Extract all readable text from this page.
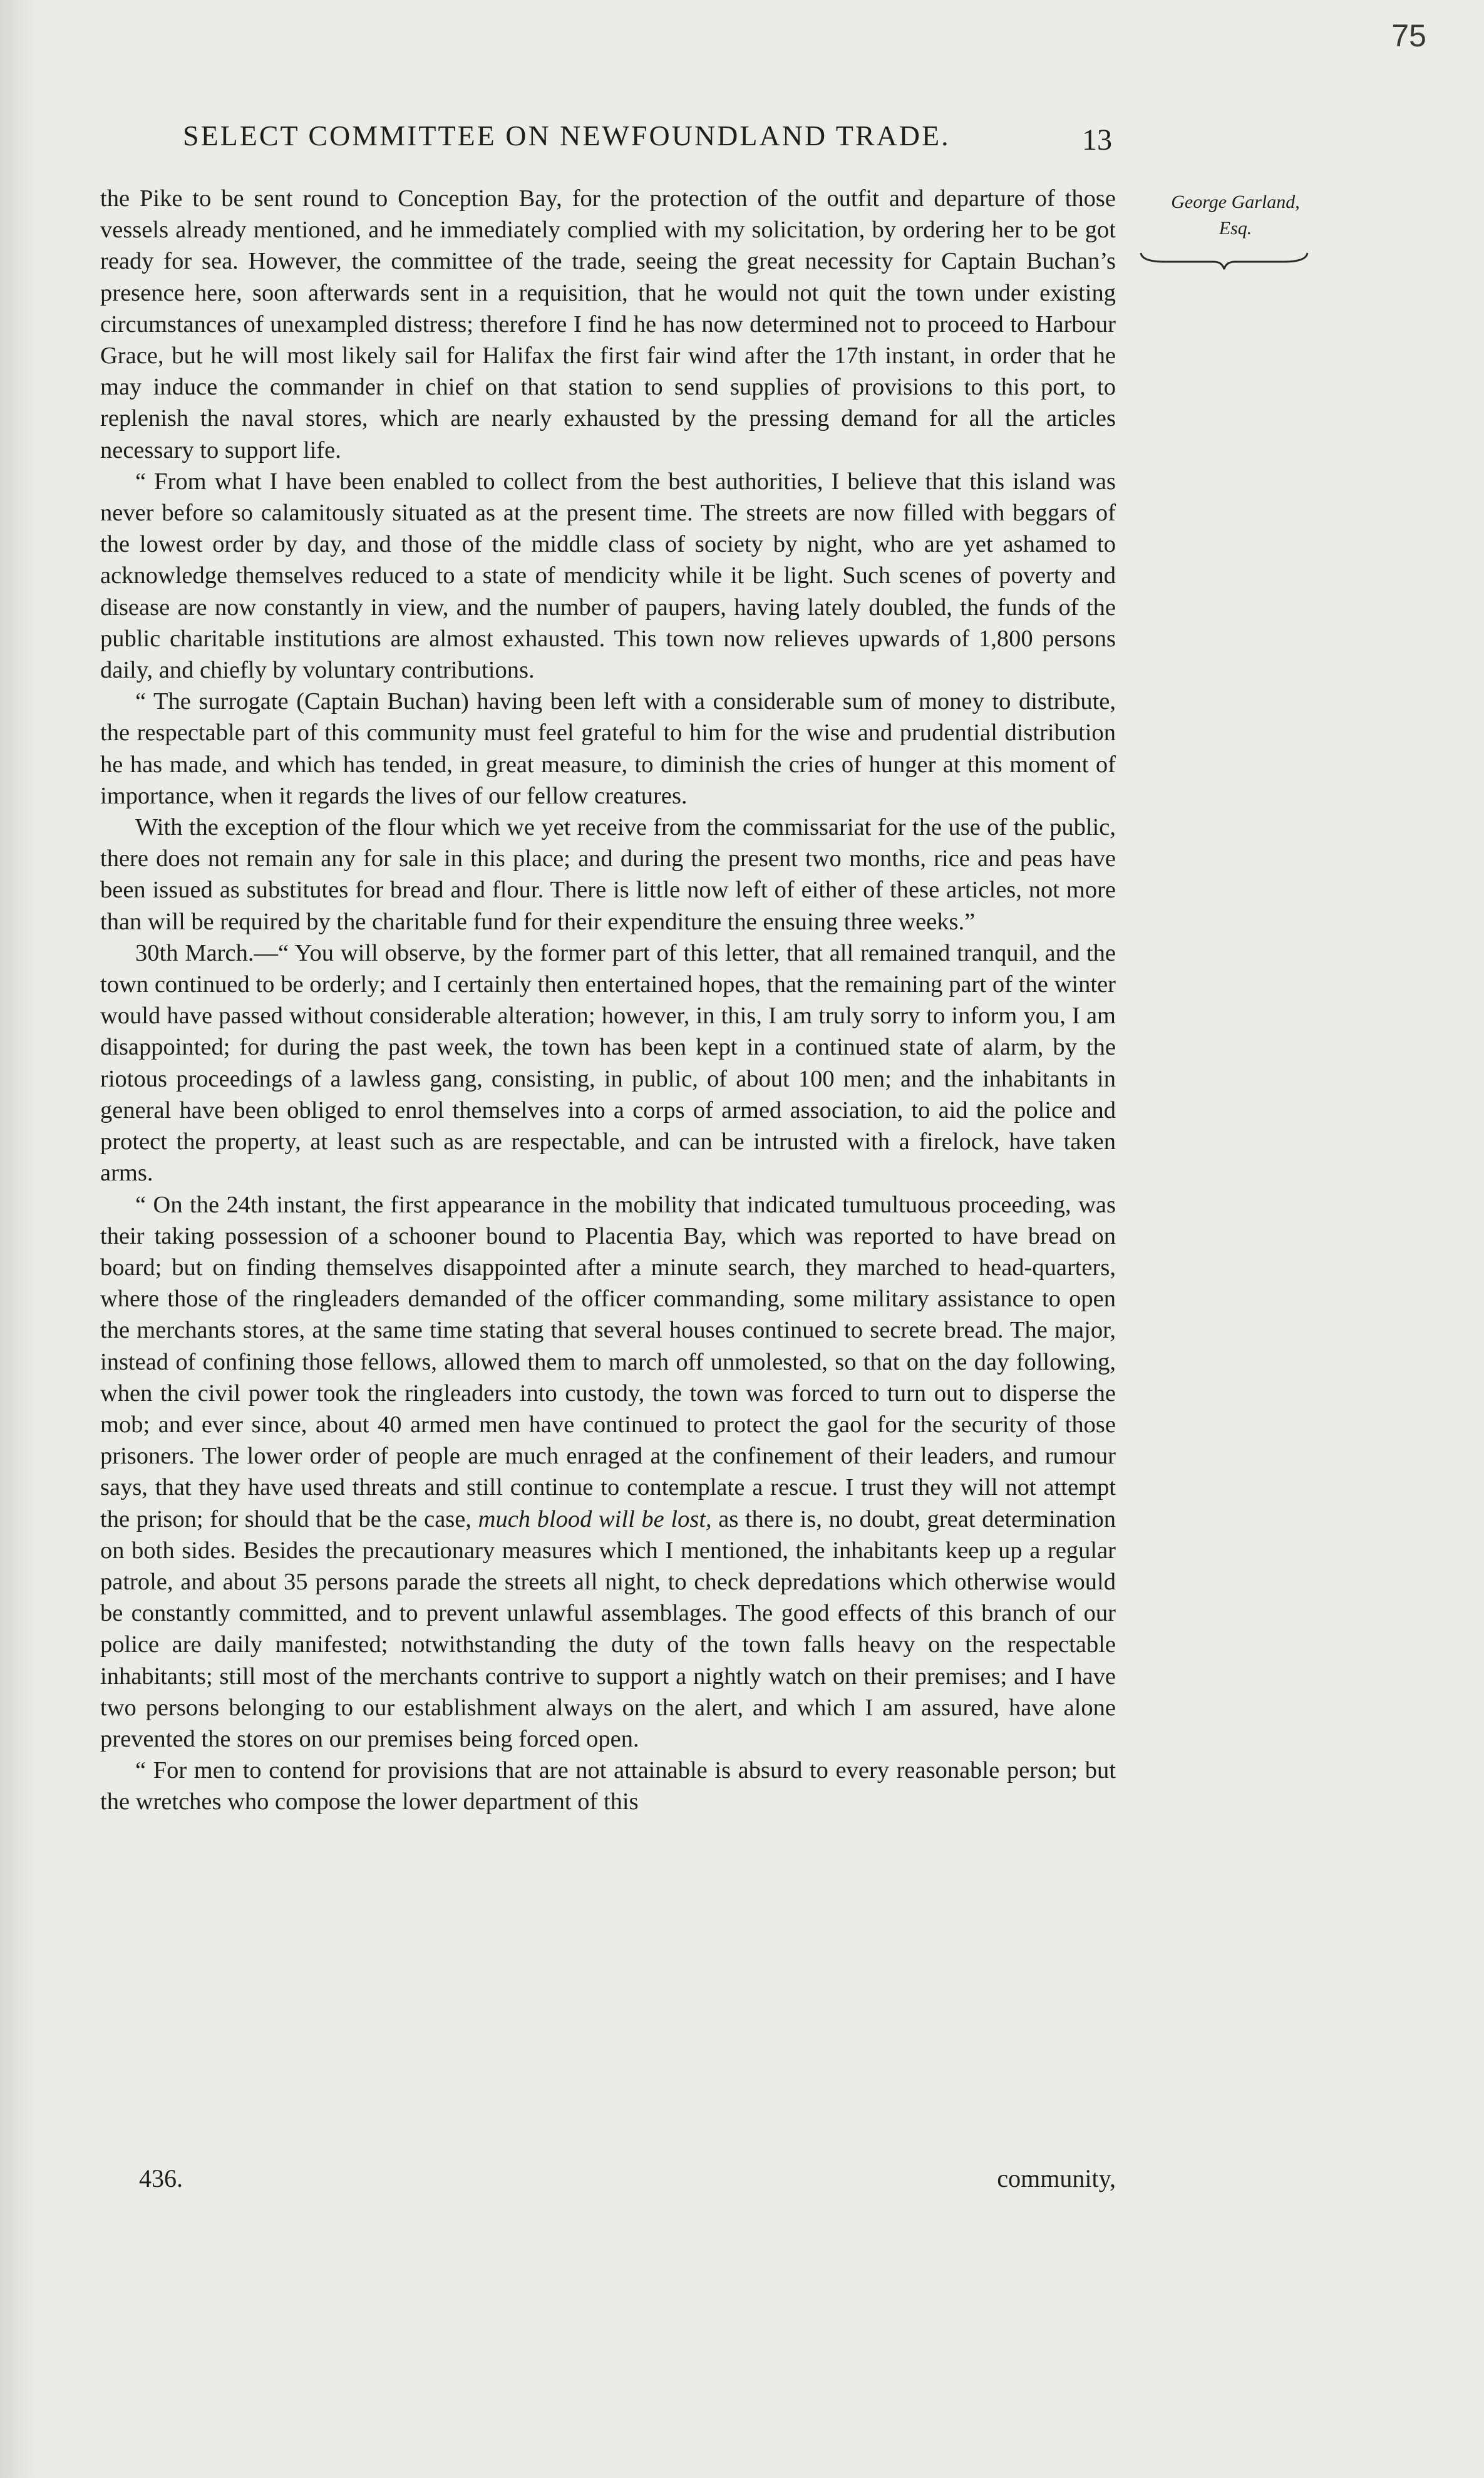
75
SELECT COMMITTEE ON NEWFOUNDLAND TRADE.	13
George Garland,
Esq.

the Pike to be sent round to Conception Bay, for the protection of the outfit and departure of those vessels already mentioned, and he immediately complied with my solicitation, by ordering her to be got ready for sea. However, the committee of the trade, seeing the great necessity for Captain Buchan’s presence here, soon afterwards sent in a requisition, that he would not quit the town under existing circumstances of unexampled distress; therefore I find he has now determined not to proceed to Harbour Grace, but he will most likely sail for Halifax the first fair wind after the 17th instant, in order that he may induce the commander in chief on that station to send supplies of provisions to this port, to replenish the naval stores, which are nearly exhausted by the pressing demand for all the articles necessary to support life.

“ From what I have been enabled to collect from the best authorities, I believe that this island was never before so calamitously situated as at the present time. The streets are now filled with beggars of the lowest order by day, and those of the middle class of society by night, who are yet ashamed to acknowledge themselves reduced to a state of mendicity while it be light. Such scenes of poverty and disease are now constantly in view, and the number of paupers, having lately doubled, the funds of the public charitable institutions are almost exhausted. This town now relieves upwards of 1,800 persons daily, and chiefly by voluntary contributions.

“ The surrogate (Captain Buchan) having been left with a considerable sum of money to distribute, the respectable part of this community must feel grateful to him for the wise and prudential distribution he has made, and which has tended, in great measure, to diminish the cries of hunger at this moment of importance, when it regards the lives of our fellow creatures.

With the exception of the flour which we yet receive from the commissariat for the use of the public, there does not remain any for sale in this place; and during the present two months, rice and peas have been issued as substitutes for bread and flour. There is little now left of either of these articles, not more than will be required by the charitable fund for their expenditure the ensuing three weeks.”

30th March.—“ You will observe, by the former part of this letter, that all remained tranquil, and the town continued to be orderly; and I certainly then entertained hopes, that the remaining part of the winter would have passed without considerable alteration; however, in this, I am truly sorry to inform you, I am disappointed; for during the past week, the town has been kept in a continued state of alarm, by the riotous proceedings of a lawless gang, consisting, in public, of about 100 men; and the inhabitants in general have been obliged to enrol themselves into a corps of armed association, to aid the police and protect the property, at least such as are respectable, and can be intrusted with a firelock, have taken arms.

“ On the 24th instant, the first appearance in the mobility that indicated tumultuous proceeding, was their taking possession of a schooner bound to Placentia Bay, which was reported to have bread on board; but on finding themselves disappointed after a minute search, they marched to head-quarters, where those of the ringleaders demanded of the officer commanding, some military assistance to open the merchants stores, at the same time stating that several houses continued to secrete bread. The major, instead of confining those fellows, allowed them to march off unmolested, so that on the day following, when the civil power took the ringleaders into custody, the town was forced to turn out to disperse the mob; and ever since, about 40 armed men have continued to protect the gaol for the security of those prisoners. The lower order of people are much enraged at the confinement of their leaders, and rumour says, that they have used threats and still continue to contemplate a rescue. I trust they will not attempt the prison; for should that be the case, much blood will be lost, as there is, no doubt, great determination on both sides. Besides the precautionary measures which I mentioned, the inhabitants keep up a regular patrole, and about 35 persons parade the streets all night, to check depredations which otherwise would be constantly committed, and to prevent unlawful assemblages. The good effects of this branch of our police are daily manifested; notwithstanding the duty of the town falls heavy on the respectable inhabitants; still most of the merchants contrive to support a nightly watch on their premises; and I have two persons belonging to our establishment always on the alert, and which I am assured, have alone prevented the stores on our premises being forced open.

“ For men to contend for provisions that are not attainable is absurd to every reasonable person; but the wretches who compose the lower department of this

436.	community,
